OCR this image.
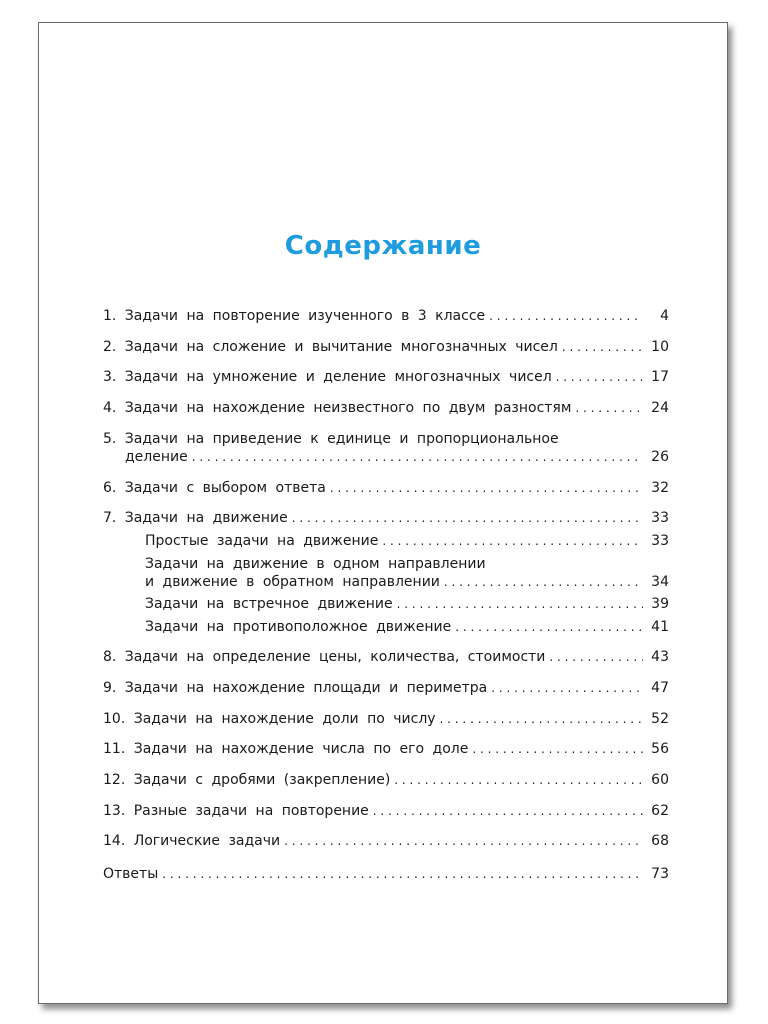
Содержание
1. Задачи на повторение изученного в 3 классе . . .	4
2. Задачи на сложение и вычитание многозначных чисел . . .	10
3. Задачи на умножение и деление многозначных чисел . . .	17
4. Задачи на нахождение неизвестного по двум разностям . . .	24
5. Задачи на приведение к единице и пропорциональное
деление . . .	26
6. Задачи с выбором ответа . . .	32
7. Задачи на движение . . .	33
Простые задачи на движение . . .	33
Задачи на движение в одном направлении
и движение в обратном направлении . . .	34
Задачи на встречное движение . . .	39
Задачи на противоположное движение . . .	41
8. Задачи на определение цены, количества, стоимости . . .	43
9. Задачи на нахождение площади и периметра . . .	47
10. Задачи на нахождение доли по числу . . .	52
11. Задачи на нахождение числа по его доле . . .	56
12. Задачи с дробями (закрепление) . . .	60
13. Разные задачи на повторение . . .	62
14. Логические задачи . . .	68
Ответы . . .	73
